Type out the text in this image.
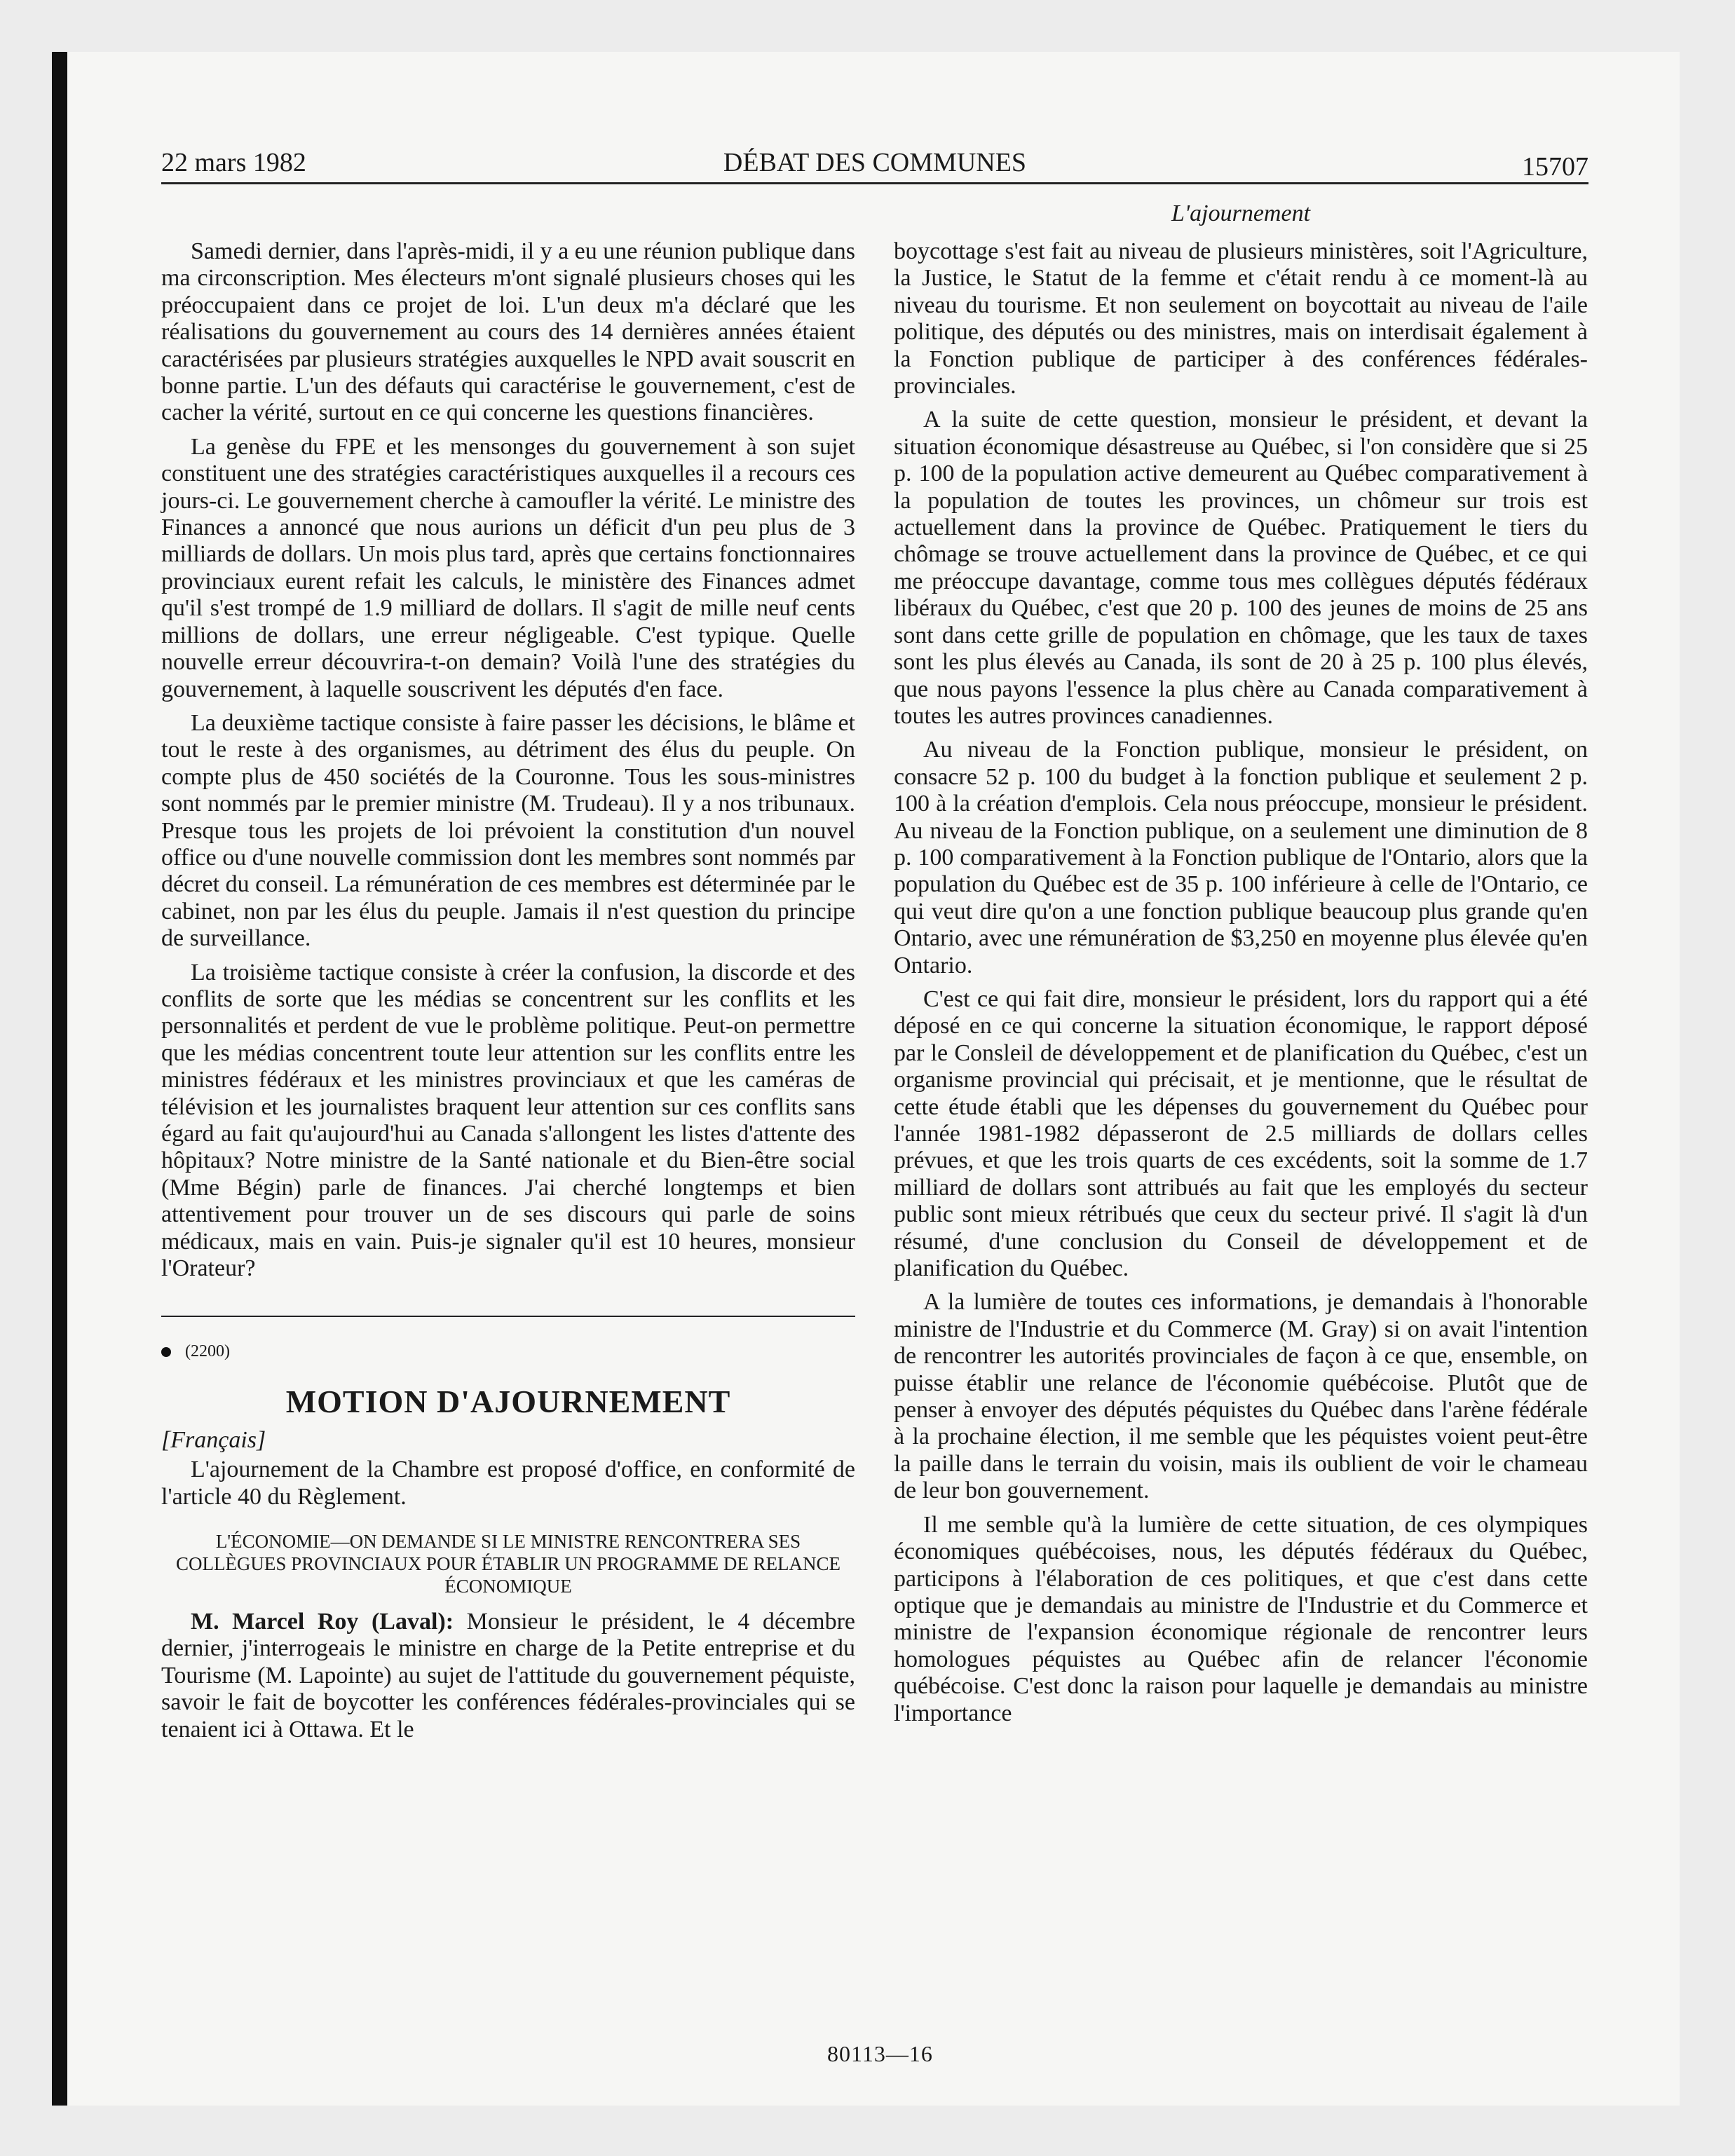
22 mars 1982	DÉBAT DES COMMUNES	15707
L'ajournement

Samedi dernier, dans l'après-midi, il y a eu une réunion publique dans ma circonscription. Mes électeurs m'ont signalé plusieurs choses qui les préoccupaient dans ce projet de loi. L'un deux m'a déclaré que les réalisations du gouvernement au cours des 14 dernières années étaient caractérisées par plusieurs stratégies auxquelles le NPD avait souscrit en bonne partie. L'un des défauts qui caractérise le gouvernement, c'est de cacher la vérité, surtout en ce qui concerne les questions financières.

La genèse du FPE et les mensonges du gouvernement à son sujet constituent une des stratégies caractéristiques auxquelles il a recours ces jours-ci. Le gouvernement cherche à camoufler la vérité. Le ministre des Finances a annoncé que nous aurions un déficit d'un peu plus de 3 milliards de dollars. Un mois plus tard, après que certains fonctionnaires provinciaux eurent refait les calculs, le ministère des Finances admet qu'il s'est trompé de 1.9 milliard de dollars. Il s'agit de mille neuf cents millions de dollars, une erreur négligeable. C'est typique. Quelle nouvelle erreur découvrira-t-on demain? Voilà l'une des stratégies du gouvernement, à laquelle souscrivent les députés d'en face.

La deuxième tactique consiste à faire passer les décisions, le blâme et tout le reste à des organismes, au détriment des élus du peuple. On compte plus de 450 sociétés de la Couronne. Tous les sous-ministres sont nommés par le premier ministre (M. Trudeau). Il y a nos tribunaux. Presque tous les projets de loi prévoient la constitution d'un nouvel office ou d'une nouvelle commission dont les membres sont nommés par décret du conseil. La rémunération de ces membres est déterminée par le cabinet, non par les élus du peuple. Jamais il n'est question du principe de surveillance.

La troisième tactique consiste à créer la confusion, la discorde et des conflits de sorte que les médias se concentrent sur les conflits et les personnalités et perdent de vue le problème politique. Peut-on permettre que les médias concentrent toute leur attention sur les conflits entre les ministres fédéraux et les ministres provinciaux et que les caméras de télévision et les journalistes braquent leur attention sur ces conflits sans égard au fait qu'aujourd'hui au Canada s'allongent les listes d'attente des hôpitaux? Notre ministre de la Santé nationale et du Bien-être social (Mme Bégin) parle de finances. J'ai cherché longtemps et bien attentivement pour trouver un de ses discours qui parle de soins médicaux, mais en vain. Puis-je signaler qu'il est 10 heures, monsieur l'Orateur?

(2200)
MOTION D'AJOURNEMENT
[Français]

L'ajournement de la Chambre est proposé d'office, en conformité de l'article 40 du Règlement.

L'ÉCONOMIE—ON DEMANDE SI LE MINISTRE RENCONTRERA SES COLLÈGUES PROVINCIAUX POUR ÉTABLIR UN PROGRAMME DE RELANCE ÉCONOMIQUE

M. Marcel Roy (Laval): Monsieur le président, le 4 décembre dernier, j'interrogeais le ministre en charge de la Petite entreprise et du Tourisme (M. Lapointe) au sujet de l'attitude du gouvernement péquiste, savoir le fait de boycotter les conférences fédérales-provinciales qui se tenaient ici à Ottawa. Et le

boycottage s'est fait au niveau de plusieurs ministères, soit l'Agriculture, la Justice, le Statut de la femme et c'était rendu à ce moment-là au niveau du tourisme. Et non seulement on boycottait au niveau de l'aile politique, des députés ou des ministres, mais on interdisait également à la Fonction publique de participer à des conférences fédérales-provinciales.

A la suite de cette question, monsieur le président, et devant la situation économique désastreuse au Québec, si l'on considère que si 25 p. 100 de la population active demeurent au Québec comparativement à la population de toutes les provinces, un chômeur sur trois est actuellement dans la province de Québec. Pratiquement le tiers du chômage se trouve actuellement dans la province de Québec, et ce qui me préoccupe davantage, comme tous mes collègues députés fédéraux libéraux du Québec, c'est que 20 p. 100 des jeunes de moins de 25 ans sont dans cette grille de population en chômage, que les taux de taxes sont les plus élevés au Canada, ils sont de 20 à 25 p. 100 plus élevés, que nous payons l'essence la plus chère au Canada comparativement à toutes les autres provinces canadiennes.

Au niveau de la Fonction publique, monsieur le président, on consacre 52 p. 100 du budget à la fonction publique et seulement 2 p. 100 à la création d'emplois. Cela nous préoccupe, monsieur le président. Au niveau de la Fonction publique, on a seulement une diminution de 8 p. 100 comparativement à la Fonction publique de l'Ontario, alors que la population du Québec est de 35 p. 100 inférieure à celle de l'Ontario, ce qui veut dire qu'on a une fonction publique beaucoup plus grande qu'en Ontario, avec une rémunération de $3,250 en moyenne plus élevée qu'en Ontario.

C'est ce qui fait dire, monsieur le président, lors du rapport qui a été déposé en ce qui concerne la situation économique, le rapport déposé par le Consleil de développement et de planification du Québec, c'est un organisme provincial qui précisait, et je mentionne, que le résultat de cette étude établi que les dépenses du gouvernement du Québec pour l'année 1981-1982 dépasseront de 2.5 milliards de dollars celles prévues, et que les trois quarts de ces excédents, soit la somme de 1.7 milliard de dollars sont attribués au fait que les employés du secteur public sont mieux rétribués que ceux du secteur privé. Il s'agit là d'un résumé, d'une conclusion du Conseil de développement et de planification du Québec.

A la lumière de toutes ces informations, je demandais à l'honorable ministre de l'Industrie et du Commerce (M. Gray) si on avait l'intention de rencontrer les autorités provinciales de façon à ce que, ensemble, on puisse établir une relance de l'économie québécoise. Plutôt que de penser à envoyer des députés péquistes du Québec dans l'arène fédérale à la prochaine élection, il me semble que les péquistes voient peut-être la paille dans le terrain du voisin, mais ils oublient de voir le chameau de leur bon gouvernement.

Il me semble qu'à la lumière de cette situation, de ces olympiques économiques québécoises, nous, les députés fédéraux du Québec, participons à l'élaboration de ces politiques, et que c'est dans cette optique que je demandais au ministre de l'Industrie et du Commerce et ministre de l'expansion économique régionale de rencontrer leurs homologues péquistes au Québec afin de relancer l'économie québécoise. C'est donc la raison pour laquelle je demandais au ministre l'importance

80113—16
